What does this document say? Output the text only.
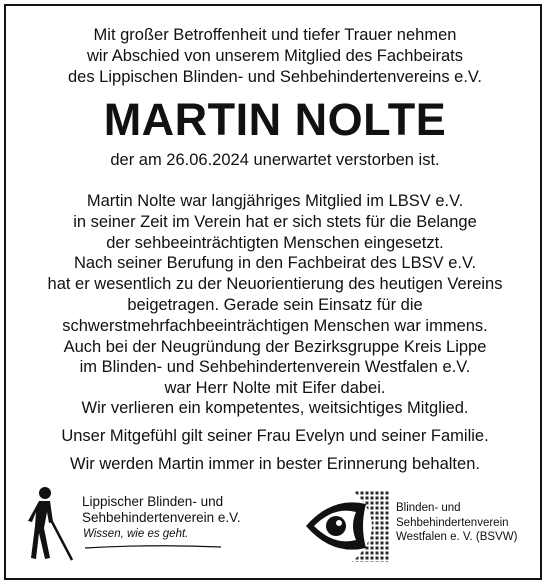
Mit großer Betroffenheit und tiefer Trauer nehmen
wir Abschied von unserem Mitglied des Fachbeirats
des Lippischen Blinden- und Sehbehindertenvereins e.V.
MARTIN NOLTE
der am 26.06.2024 unerwartet verstorben ist.
Martin Nolte war langjähriges Mitglied im LBSV e.V.
in seiner Zeit im Verein hat er sich stets für die Belange
der sehbeeinträchtigten Menschen eingesetzt.
Nach seiner Berufung in den Fachbeirat des LBSV e.V.
hat er wesentlich zu der Neuorientierung des heutigen Vereins
beigetragen. Gerade sein Einsatz für die
schwerstmehrfachbeeinträchtigen Menschen war immens.
Auch bei der Neugründung der Bezirksgruppe Kreis Lippe
im Blinden- und Sehbehindertenverein Westfalen e.V.
war Herr Nolte mit Eifer dabei.
Wir verlieren ein kompetentes, weitsichtiges Mitglied.
Unser Mitgefühl gilt seiner Frau Evelyn und seiner Familie.
Wir werden Martin immer in bester Erinnerung behalten.
Lippischer Blinden- und
Sehbehindertenverein e.V.
Wissen, wie es geht.
Blinden- und
Sehbehindertenverein
Westfalen e. V. (BSVW)
